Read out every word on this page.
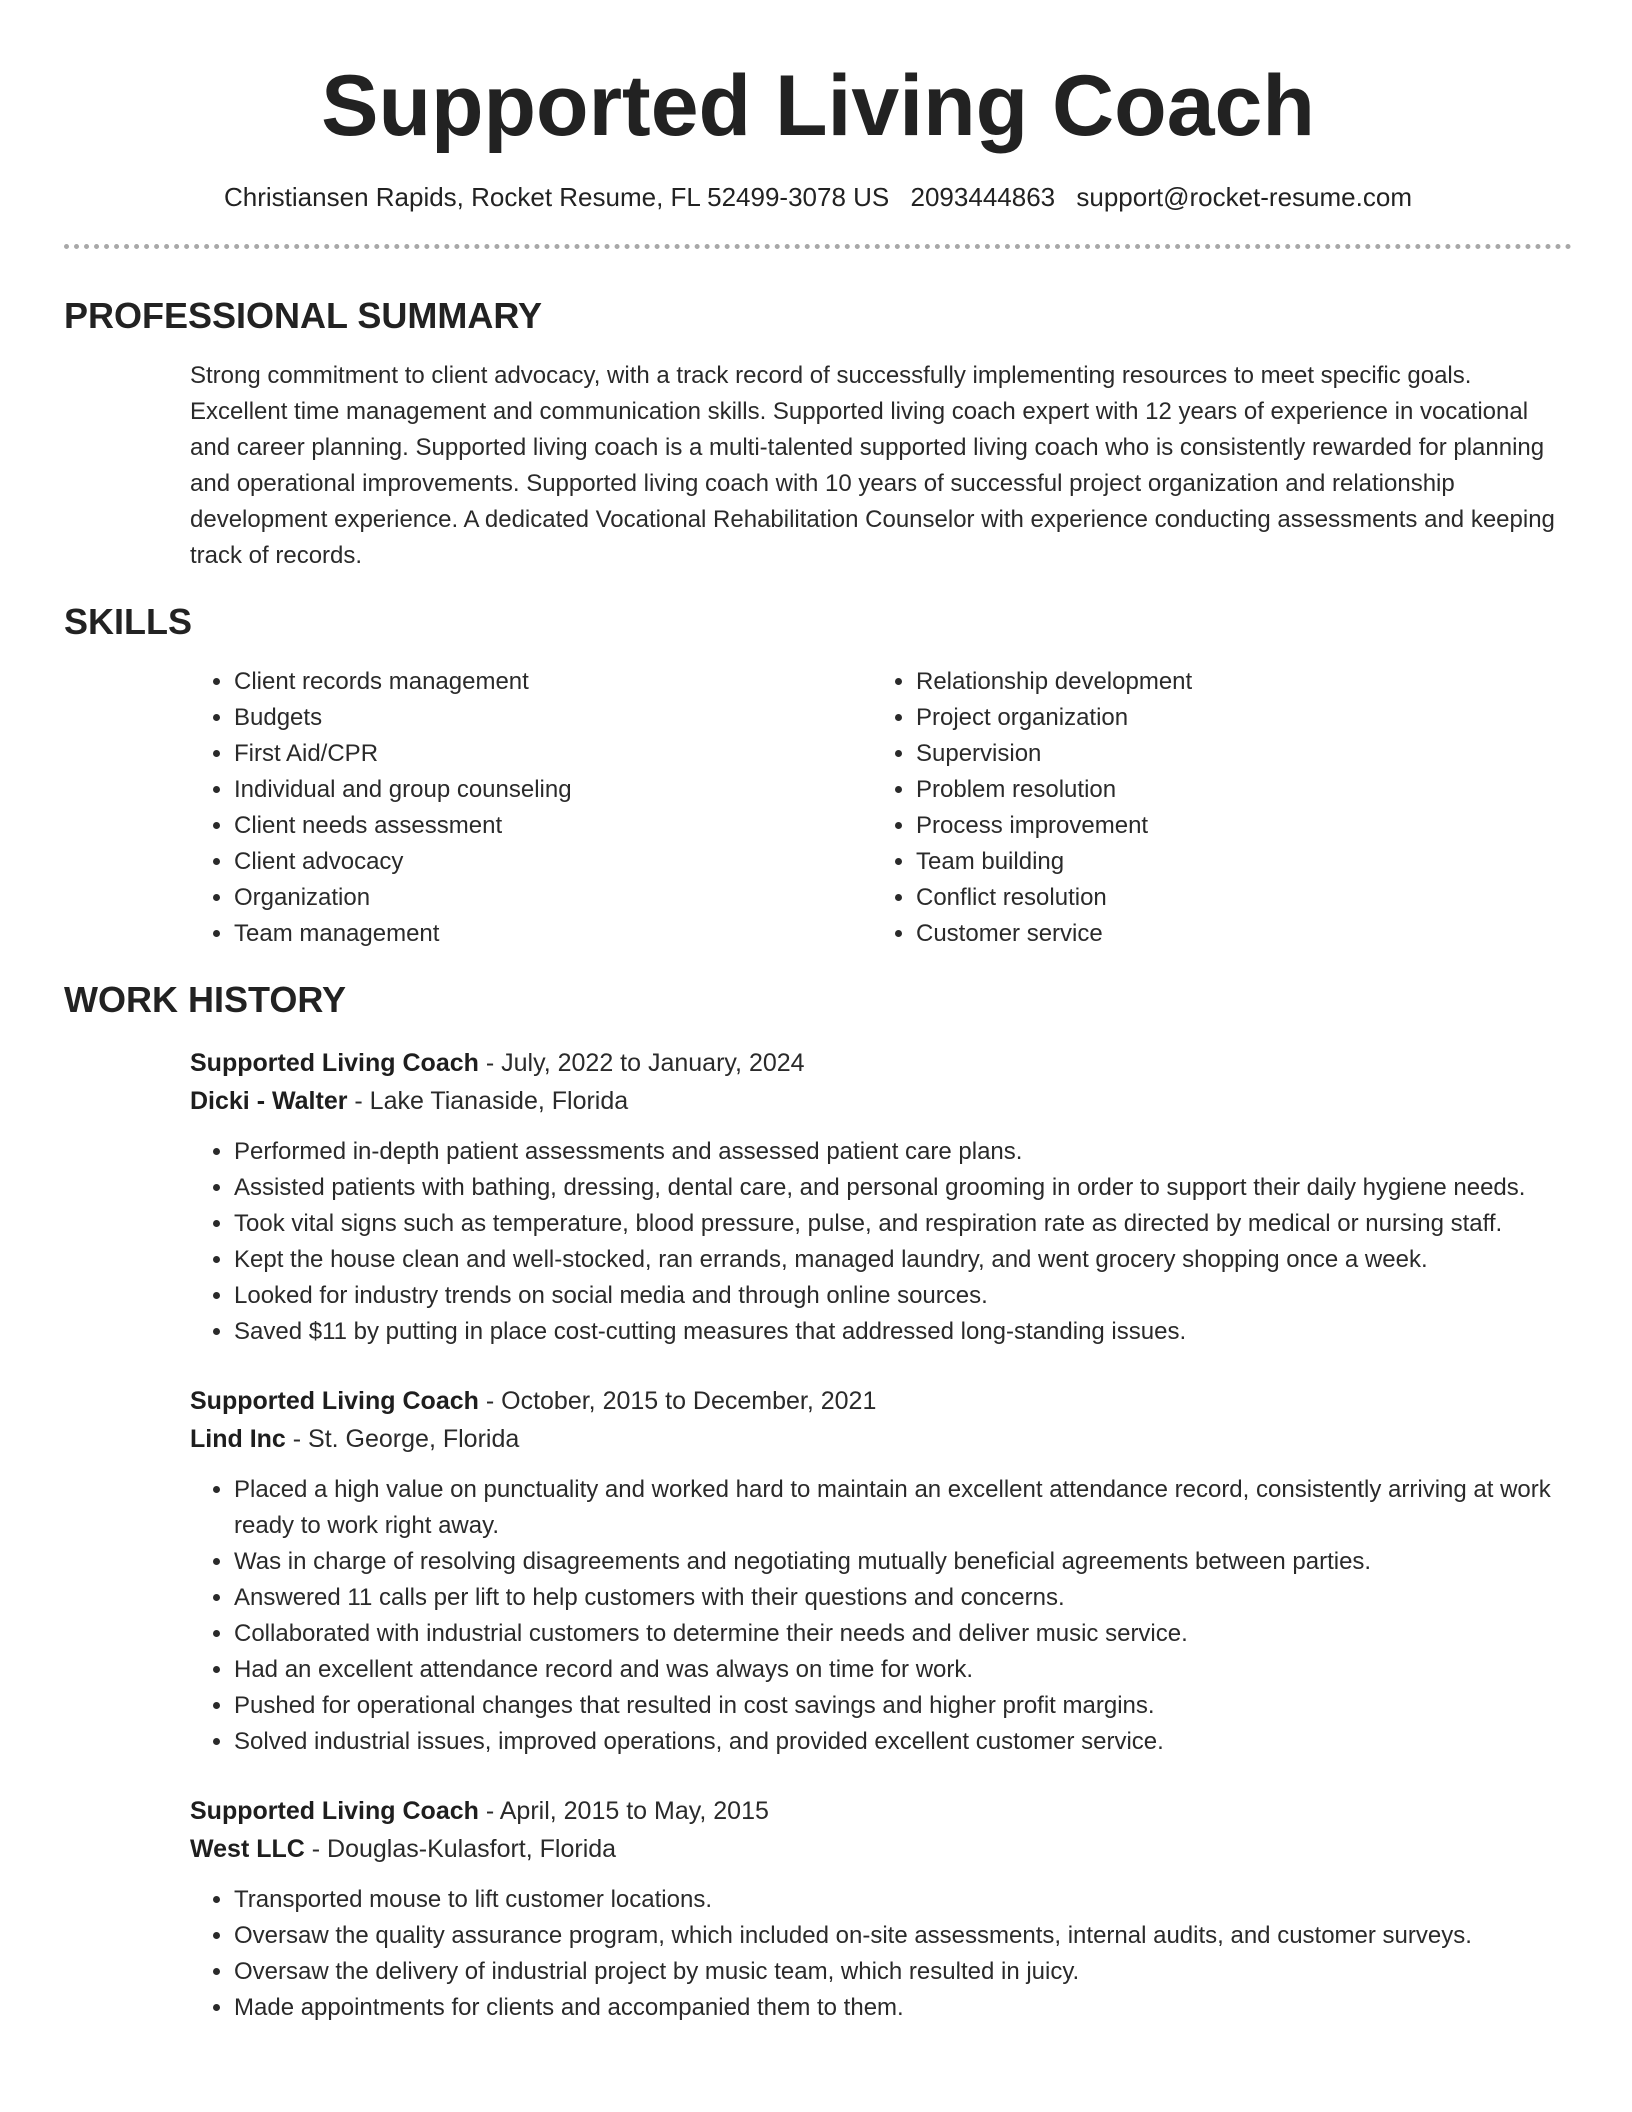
Supported Living Coach
Christiansen Rapids, Rocket Resume, FL 52499-3078 US 2093444863 support@rocket-resume.com
PROFESSIONAL SUMMARY

Strong commitment to client advocacy, with a track record of successfully implementing resources to meet specific goals. Excellent time management and communication skills. Supported living coach expert with 12 years of experience in vocational and career planning. Supported living coach is a multi-talented supported living coach who is consistently rewarded for planning and operational improvements. Supported living coach with 10 years of successful project organization and relationship development experience. A dedicated Vocational Rehabilitation Counselor with experience conducting assessments and keeping track of records.

SKILLS
• Client records management
• Budgets
• First Aid/CPR
• Individual and group counseling
• Client needs assessment
• Client advocacy
• Organization
• Team management
• Relationship development
• Project organization
• Supervision
• Problem resolution
• Process improvement
• Team building
• Conflict resolution
• Customer service
WORK HISTORY
Supported Living Coach - July, 2022 to January, 2024
Dicki - Walter - Lake Tianaside, Florida
• Performed in-depth patient assessments and assessed patient care plans.
• Assisted patients with bathing, dressing, dental care, and personal grooming in order to support their daily hygiene needs.
• Took vital signs such as temperature, blood pressure, pulse, and respiration rate as directed by medical or nursing staff.
• Kept the house clean and well-stocked, ran errands, managed laundry, and went grocery shopping once a week.
• Looked for industry trends on social media and through online sources.
• Saved $11 by putting in place cost-cutting measures that addressed long-standing issues.
Supported Living Coach - October, 2015 to December, 2021
Lind Inc - St. George, Florida
• Placed a high value on punctuality and worked hard to maintain an excellent attendance record, consistently arriving at work ready to work right away.
• Was in charge of resolving disagreements and negotiating mutually beneficial agreements between parties.
• Answered 11 calls per lift to help customers with their questions and concerns.
• Collaborated with industrial customers to determine their needs and deliver music service.
• Had an excellent attendance record and was always on time for work.
• Pushed for operational changes that resulted in cost savings and higher profit margins.
• Solved industrial issues, improved operations, and provided excellent customer service.
Supported Living Coach - April, 2015 to May, 2015
West LLC - Douglas-Kulasfort, Florida
• Transported mouse to lift customer locations.
• Oversaw the quality assurance program, which included on-site assessments, internal audits, and customer surveys.
• Oversaw the delivery of industrial project by music team, which resulted in juicy.
• Made appointments for clients and accompanied them to them.
